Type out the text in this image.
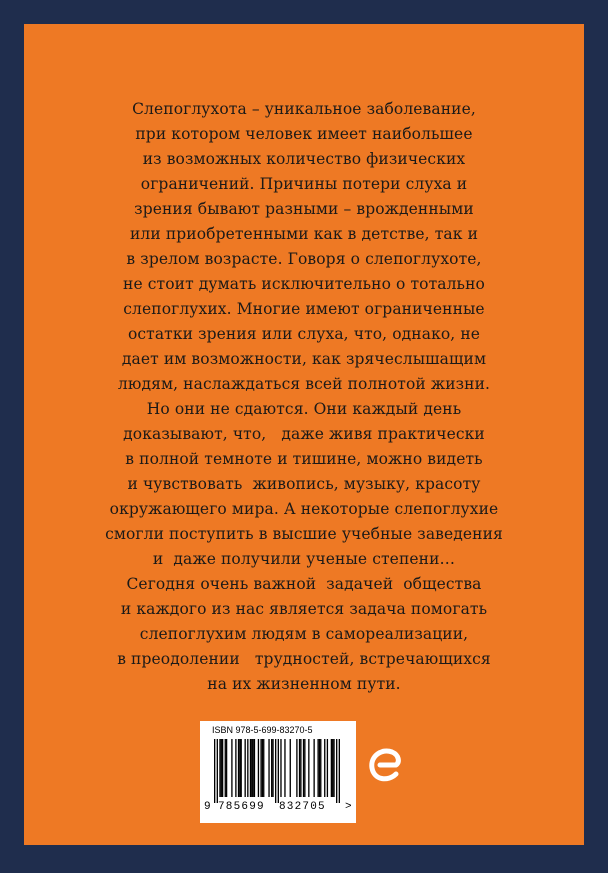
Слепоглухота – уникальное заболевание,
при котором человек имеет наибольшее
из возможных количество физических
ограничений. Причины потери слуха и
зрения бывают разными – врожденными
или приобретенными как в детстве, так и
в зрелом возрасте. Говоря о слепоглухоте,
не стоит думать исключительно о тотально
слепоглухих. Многие имеют ограниченные
остатки зрения или слуха, что, однако, не
дает им возможности, как зрячеслышащим
людям, наслаждаться всей полнотой жизни.
Но они не сдаются. Они каждый день
доказывают, что,   даже живя практически
в полной темноте и тишине, можно видеть
и чувствовать  живопись, музыку, красоту
окружающего мира. А некоторые слепоглухие
смогли поступить в высшие учебные заведения
и  даже получили ученые степени…
Сегодня очень важной  задачей  общества
и каждого из нас является задача помогать
слепоглухим людям в самореализации,
в преодолении   трудностей, встречающихся
на их жизненном пути.
ISBN 978-5-699-83270-5

9

785699

832705

>
